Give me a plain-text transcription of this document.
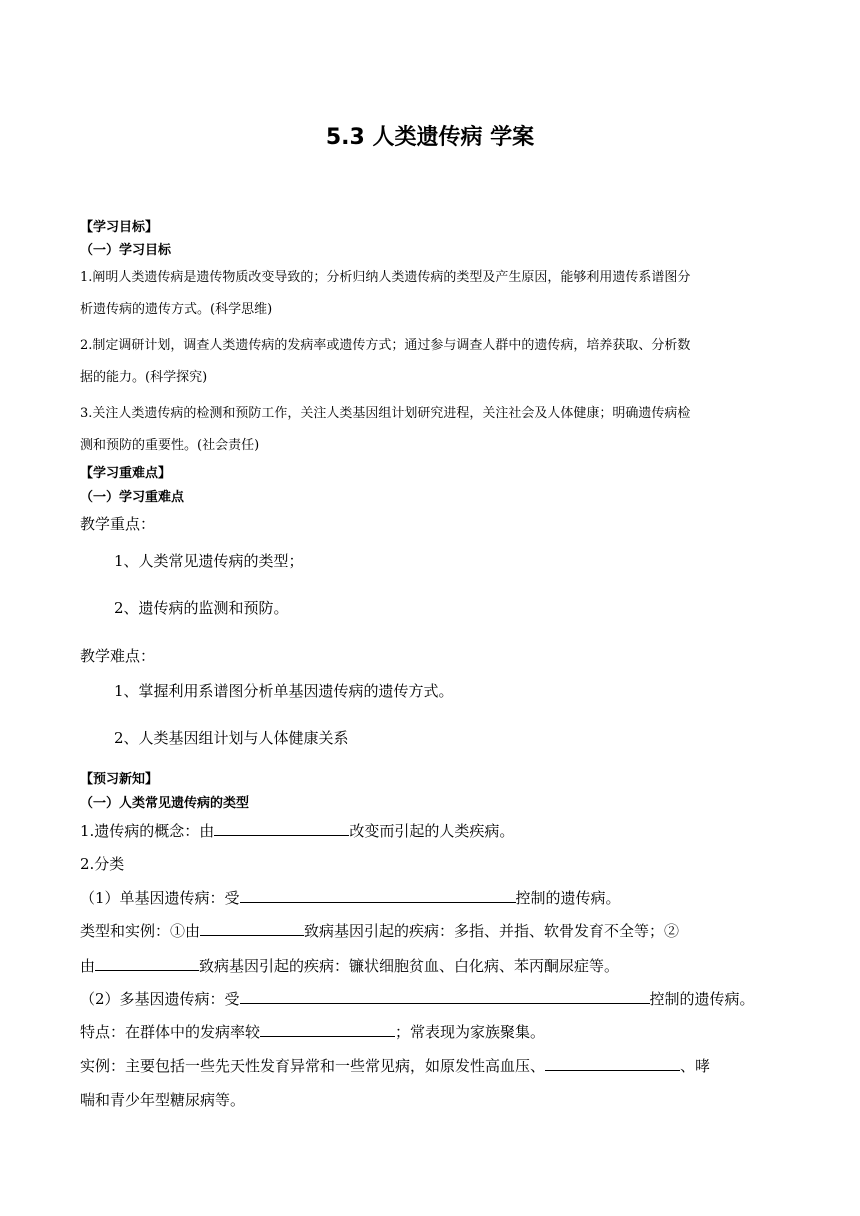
5.3 人类遗传病 学案
【学习目标】
（一）学习目标
1.阐明人类遗传病是遗传物质改变导致的；分析归纳人类遗传病的类型及产生原因，能够利用遗传系谱图分
析遗传病的遗传方式。(科学思维)
2.制定调研计划，调查人类遗传病的发病率或遗传方式；通过参与调查人群中的遗传病，培养获取、分析数
据的能力。(科学探究)
3.关注人类遗传病的检测和预防工作，关注人类基因组计划研究进程，关注社会及人体健康；明确遗传病检
测和预防的重要性。(社会责任)
【学习重难点】
（一）学习重难点
教学重点：
1、人类常见遗传病的类型；
2、遗传病的监测和预防。
教学难点：
1、掌握利用系谱图分析单基因遗传病的遗传方式。
2、人类基因组计划与人体健康关系
【预习新知】
（一）人类常见遗传病的类型
1.遗传病的概念：由	改变而引起的人类疾病。
2.分类
（1）单基因遗传病：受	控制的遗传病。
类型和实例：①由	致病基因引起的疾病：多指、并指、软骨发育不全等；②
由	致病基因引起的疾病：镰状细胞贫血、白化病、苯丙酮尿症等。
（2）多基因遗传病：受	控制的遗传病。
特点：在群体中的发病率较	；常表现为家族聚集。
实例：主要包括一些先天性发育异常和一些常见病，如原发性高血压、	、哮
喘和青少年型糖尿病等。
